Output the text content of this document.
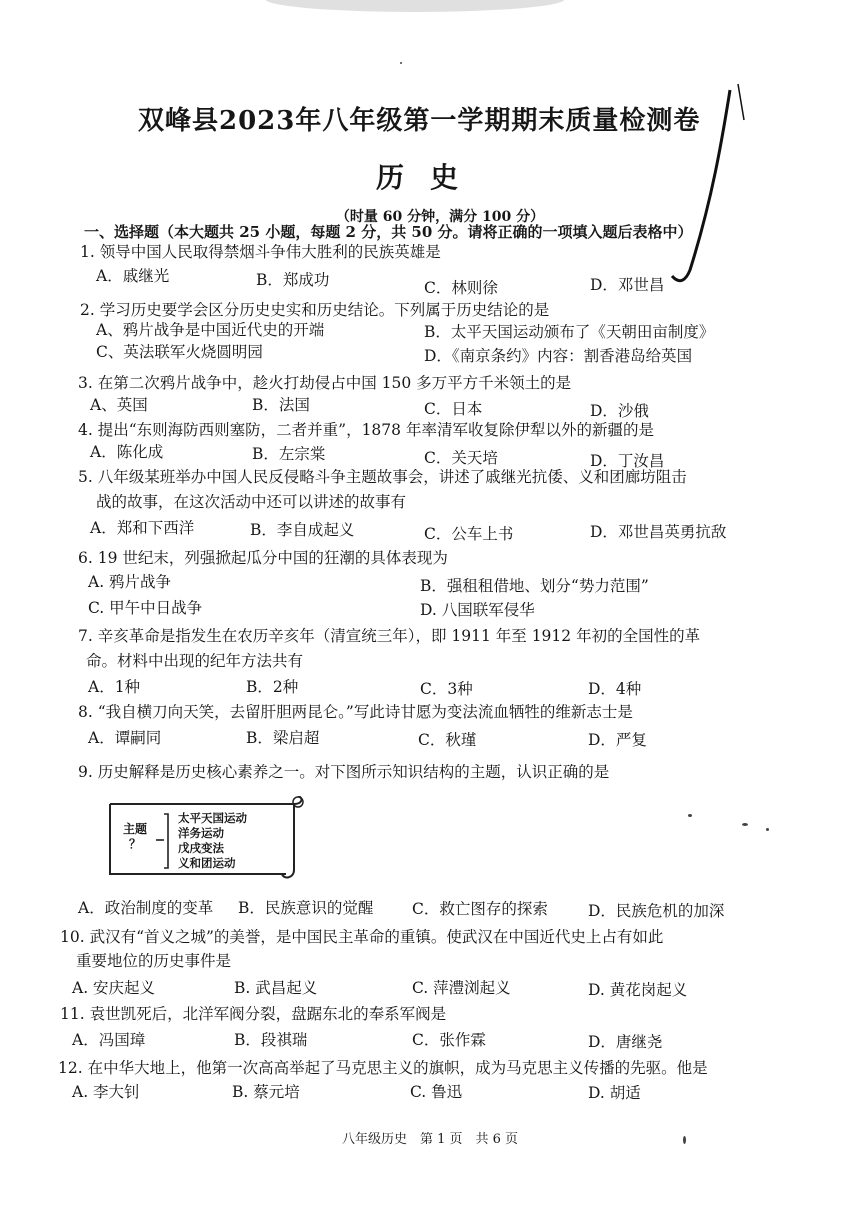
双峰县2023年八年级第一学期期末质量检测卷
历史
（时量 60 分钟，满分 100 分）
一、选择题（本大题共 25 小题，每题 2 分，共 50 分。请将正确的一项填入题后表格中）
1. 领导中国人民取得禁烟斗争伟大胜利的民族英雄是
A．戚继光	B．郑成功	C．林则徐	D．邓世昌
2. 学习历史要学会区分历史史实和历史结论。下列属于历史结论的是
A、鸦片战争是中国近代史的开端	B．太平天国运动颁布了《天朝田亩制度》
C、英法联军火烧圆明园	D．《南京条约》内容：割香港岛给英国
3. 在第二次鸦片战争中，趁火打劫侵占中国 150 多万平方千米领土的是
A、英国	B．法国	C．日本	D．沙俄
4. 提出“东则海防西则塞防，二者并重”，1878 年率清军收复除伊犁以外的新疆的是
A．陈化成	B．左宗棠	C．关天培	D．丁汝昌
5. 八年级某班举办中国人民反侵略斗争主题故事会，讲述了戚继光抗倭、义和团廊坊阻击
战的故事，在这次活动中还可以讲述的故事有
A．郑和下西洋	B．李自成起义	C．公车上书	D．邓世昌英勇抗敌
6. 19 世纪末，列强掀起瓜分中国的狂潮的具体表现为
A. 鸦片战争	B．强租租借地、划分“势力范围”
C. 甲午中日战争	D. 八国联军侵华
7. 辛亥革命是指发生在农历辛亥年（清宣统三年），即 1911 年至 1912 年初的全国性的革
命。材料中出现的纪年方法共有
A．1种	B．2种	C．3种	D．4种
8. “我自横刀向天笑，去留肝胆两昆仑。”写此诗甘愿为变法流血牺牲的维新志士是
A．谭嗣同	B．梁启超	C．秋瑾	D．严复
9. 历史解释是历史核心素养之一。对下图所示知识结构的主题，认识正确的是
主题
？
太平天国运动
洋务运动
戊戌变法
义和团运动
A．政治制度的变革 B．民族意识的觉醒 C．救亡图存的探索	D．民族危机的加深
10. 武汉有“首义之城”的美誉，是中国民主革命的重镇。使武汉在中国近代史上占有如此
重要地位的历史事件是
A. 安庆起义	B. 武昌起义	C. 萍澧浏起义	D. 黄花岗起义
11. 袁世凯死后，北洋军阀分裂，盘踞东北的奉系军阀是
A．冯国璋	B．段祺瑞	C．张作霖	D．唐继尧
12. 在中华大地上，他第一次高高举起了马克思主义的旗帜，成为马克思主义传播的先驱。他是
A. 李大钊	B. 蔡元培	C. 鲁迅	D. 胡适
八年级历史　第 1 页　共 6 页
